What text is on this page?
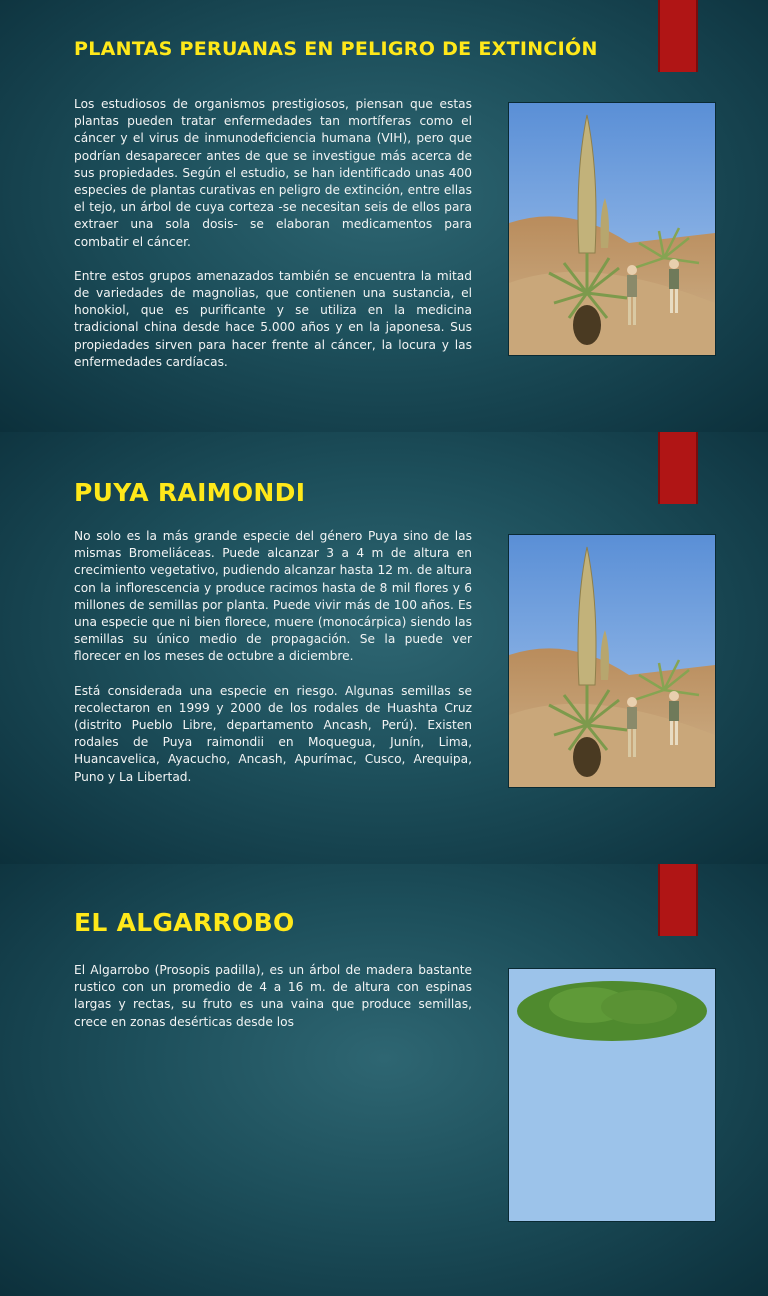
PLANTAS PERUANAS EN PELIGRO DE EXTINCIÓN

Los estudiosos de organismos prestigiosos, piensan que estas plantas pueden tratar enfermedades tan mortíferas como el cáncer y el virus de inmunodeficiencia humana (VIH), pero que podrían desaparecer antes de que se investigue más acerca de sus propiedades. Según el estudio, se han identificado unas 400 especies de plantas curativas en peligro de extinción, entre ellas el tejo, un árbol de cuya corteza -se necesitan seis de ellos para extraer una sola dosis- se elaboran medicamentos para combatir el cáncer.

Entre estos grupos amenazados también se encuentra la mitad de variedades de magnolias, que contienen una sustancia, el honokiol, que es purificante y se utiliza en la medicina tradicional china desde hace 5.000 años y en la japonesa. Sus propiedades sirven para hacer frente al cáncer, la locura y las enfermedades cardíacas.

PUYA RAIMONDI

No solo es la más grande especie del género Puya sino de las mismas Bromeliáceas. Puede alcanzar 3 a 4 m de altura en crecimiento vegetativo, pudiendo alcanzar hasta 12 m. de altura con la inflorescencia y produce racimos hasta de 8 mil flores y 6 millones de semillas por planta. Puede vivir más de 100 años. Es una especie que ni bien florece, muere (monocárpica) siendo las semillas su único medio de propagación. Se la puede ver florecer en los meses de octubre a diciembre.

Está considerada una especie en riesgo. Algunas semillas se recolectaron en 1999 y 2000 de los rodales de Huashta Cruz (distrito Pueblo Libre, departamento Ancash, Perú). Existen rodales de Puya raimondii en Moquegua, Junín, Lima, Huancavelica, Ayacucho, Ancash, Apurímac, Cusco, Arequipa, Puno y La Libertad.

EL ALGARROBO

El Algarrobo (Prosopis padilla), es un árbol de madera bastante rustico con un promedio de 4 a 16 m. de altura con espinas largas y rectas, su fruto es una vaina que produce semillas, crece en zonas desérticas desde los
